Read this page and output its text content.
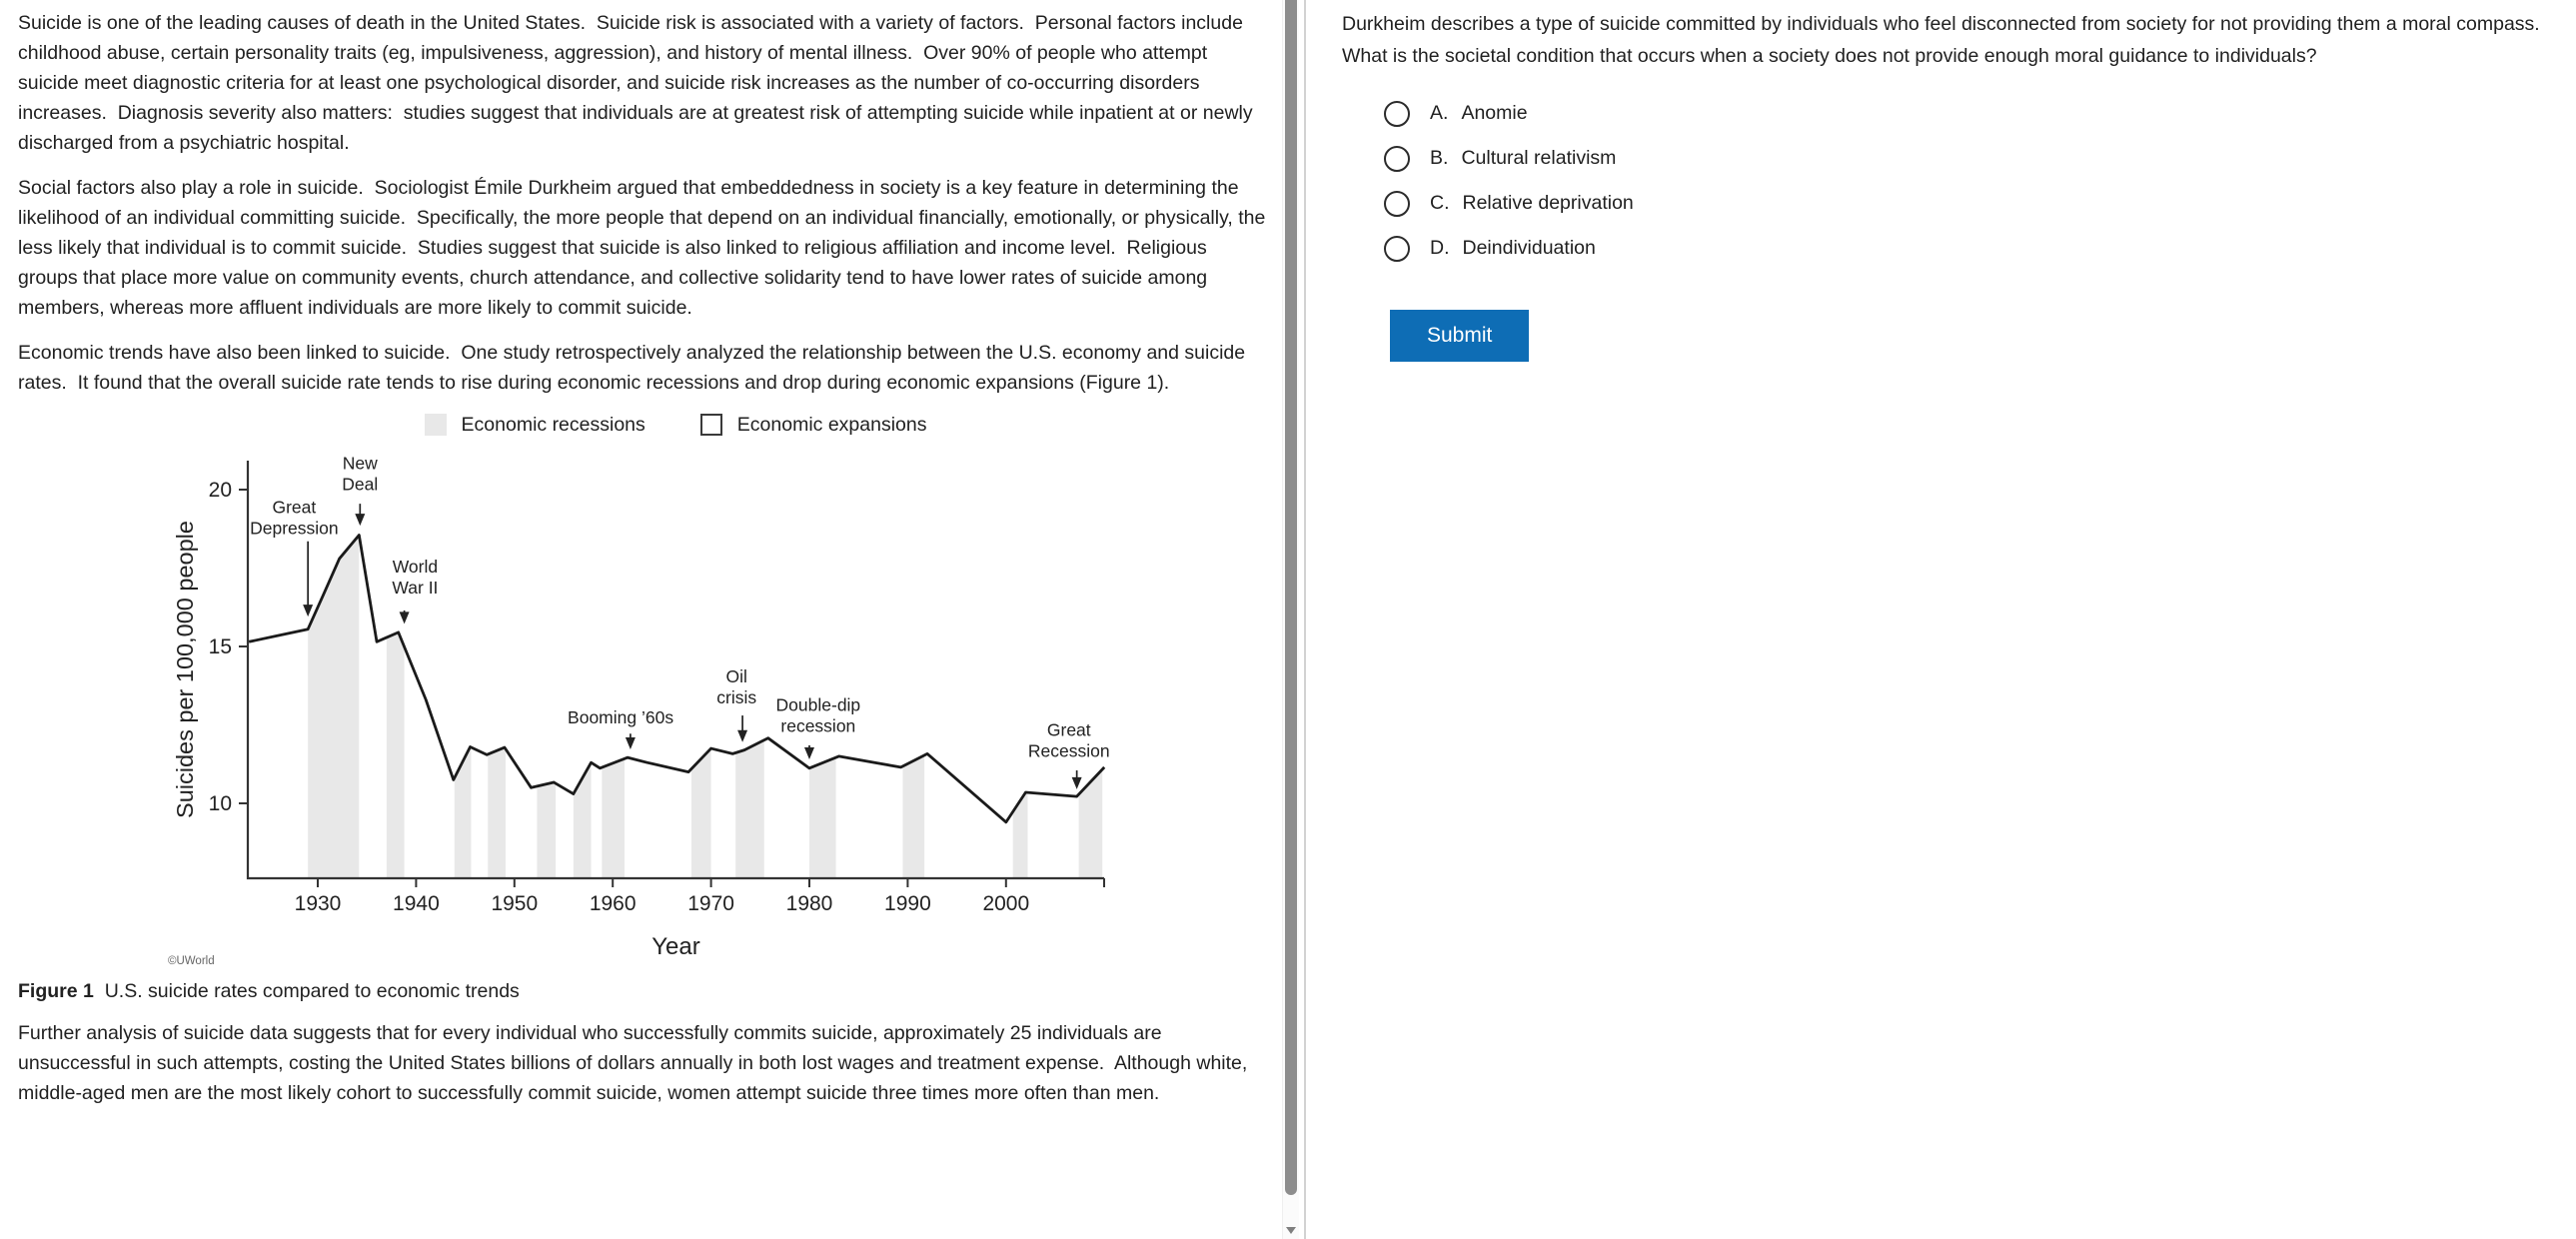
Suicide is one of the leading causes of death in the United States.  Suicide risk is associated with a variety of factors.  Personal factors include childhood abuse, certain personality traits (eg, impulsiveness, aggression), and history of mental illness.  Over 90% of people who attempt suicide meet diagnostic criteria for at least one psychological disorder, and suicide risk increases as the number of co-occurring disorders increases.  Diagnosis severity also matters:  studies suggest that individuals are at greatest risk of attempting suicide while inpatient at or newly discharged from a psychiatric hospital.

Social factors also play a role in suicide.  Sociologist Émile Durkheim argued that embeddedness in society is a key feature in determining the likelihood of an individual committing suicide.  Specifically, the more people that depend on an individual financially, emotionally, or physically, the less likely that individual is to commit suicide.  Studies suggest that suicide is also linked to religious affiliation and income level.  Religious groups that place more value on community events, church attendance, and collective solidarity tend to have lower rates of suicide among members, whereas more affluent individuals are more likely to commit suicide.

Economic trends have also been linked to suicide.  One study retrospectively analyzed the relationship between the U.S. economy and suicide rates.  It found that the overall suicide rate tends to rise during economic recessions and drop during economic expansions (Figure 1).

Economic recessions	Economic expansions
1930 1940 1950 1960 1970 1980 1990 2000
10
15
20
Great
Depression
New
Deal
World
War II
Booming ’60s
Oil
crisis Double-dip
recession	Great
Recession
Suicides per 100,000 people
Year
©UWorld
Figure 1 U.S. suicide rates compared to economic trends

Further analysis of suicide data suggests that for every individual who successfully commits suicide, approximately 25 individuals are unsuccessful in such attempts, costing the United States billions of dollars annually in both lost wages and treatment expense.  Although white, middle-aged men are the most likely cohort to successfully commit suicide, women attempt suicide three times more often than men.

Durkheim describes a type of suicide committed by individuals who feel disconnected from society for not providing them a moral compass.  What is the societal condition that occurs when a society does not provide enough moral guidance to individuals?

A. Anomie
B. Cultural relativism
C. Relative deprivation
D. Deindividuation
Submit
